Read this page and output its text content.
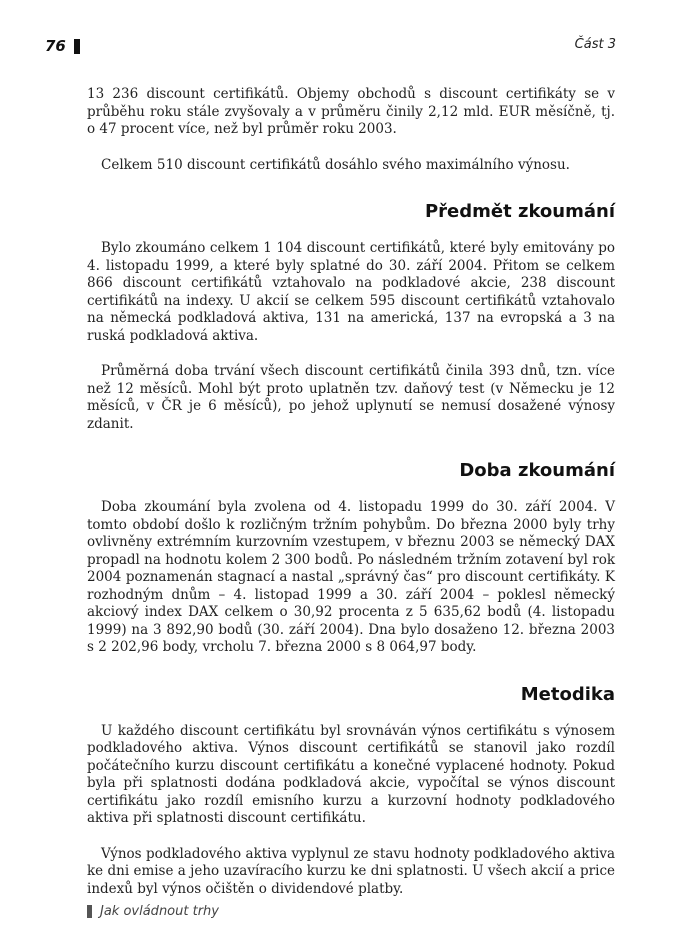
76	Část 3

13 236 discount certifikátů. Objemy obchodů s discount certifikáty se v průběhu roku stále zvyšovaly a v průměru činily 2,12 mld. EUR měsíčně, tj. o 47 procent více, než byl průměr roku 2003.

Celkem 510 discount certifikátů dosáhlo svého maximálního výnosu.

Předmět zkoumání

Bylo zkoumáno celkem 1 104 discount certifikátů, které byly emitovány po 4. listopadu 1999, a které byly splatné do 30. září 2004. Přitom se celkem 866 discount certifikátů vztahovalo na podkladové akcie, 238 discount certifikátů na indexy. U akcií se celkem 595 discount certifikátů vztahovalo na německá podkladová aktiva, 131 na americká, 137 na evropská a 3 na ruská podkladová aktiva.

Průměrná doba trvání všech discount certifikátů činila 393 dnů, tzn. více než 12 měsíců. Mohl být proto uplatněn tzv. daňový test (v Německu je 12 měsíců, v ČR je 6 měsíců), po jehož uplynutí se nemusí dosažené výnosy zdanit.

Doba zkoumání

Doba zkoumání byla zvolena od 4. listopadu 1999 do 30. září 2004. V tomto období došlo k rozličným tržním pohybům. Do března 2000 byly trhy ovlivněny extrémním kurzovním vzestupem, v březnu 2003 se německý DAX propadl na hodnotu kolem 2 300 bodů. Po následném tržním zotavení byl rok 2004 poznamenán stagnací a nastal „správný čas“ pro discount certifikáty. K rozhodným dnům – 4. listopad 1999 a 30. září 2004 – poklesl německý akciový index DAX celkem o 30,92 procenta z 5 635,62 bodů (4. listopadu 1999) na 3 892,90 bodů (30. září 2004). Dna bylo dosaženo 12. března 2003 s 2 202,96 body, vrcholu 7. března 2000 s 8 064,97 body.

Metodika

U každého discount certifikátu byl srovnáván výnos certifikátu s výnosem podkladového aktiva. Výnos discount certifikátů se stanovil jako rozdíl počátečního kurzu discount certifikátu a konečné vyplacené hodnoty. Pokud byla při splatnosti dodána podkladová akcie, vypočítal se výnos discount certifikátu jako rozdíl emisního kurzu a kurzovní hodnoty podkladového aktiva při splatnosti discount certifikátu.

Výnos podkladového aktiva vyplynul ze stavu hodnoty podkladového aktiva ke dni emise a jeho uzavíracího kurzu ke dni splatnosti. U všech akcií a price indexů byl výnos očištěn o dividendové platby.

Jak ovládnout trhy
